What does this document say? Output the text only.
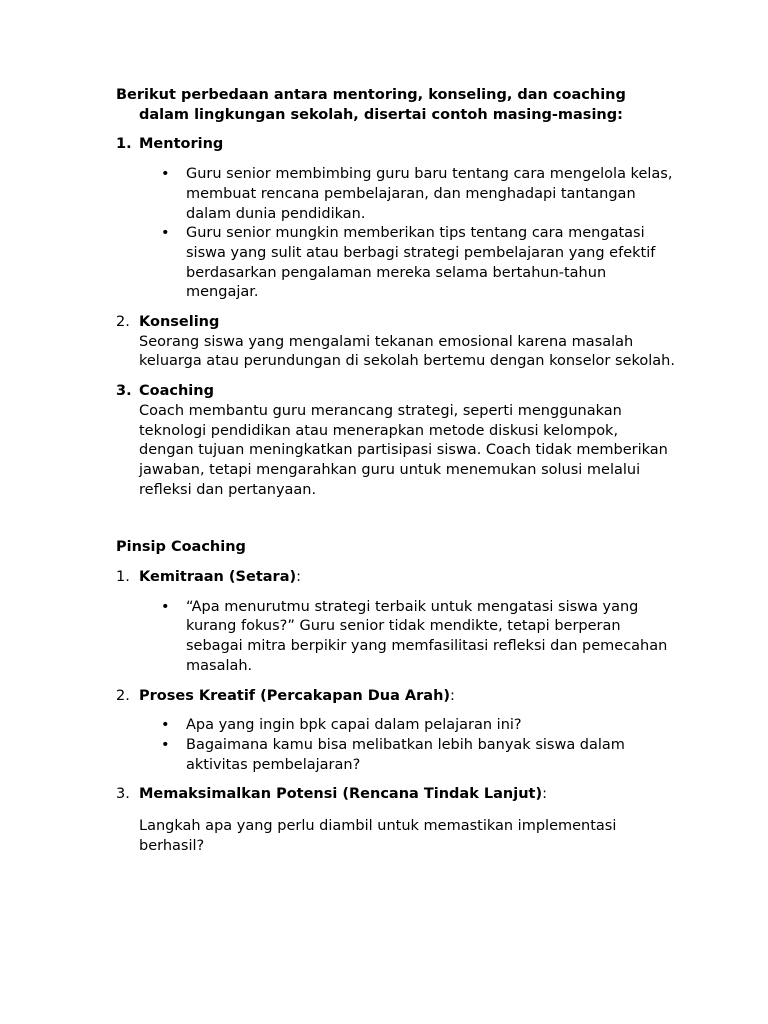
Berikut perbedaan antara mentoring, konseling, dan coaching dalam lingkungan sekolah, disertai contoh masing-masing:

1. Mentoring

• Guru senior membimbing guru baru tentang cara mengelola kelas, membuat rencana pembelajaran, dan menghadapi tantangan dalam dunia pendidikan.
• Guru senior mungkin memberikan tips tentang cara mengatasi siswa yang sulit atau berbagi strategi pembelajaran yang efektif berdasarkan pengalaman mereka selama bertahun-tahun mengajar.
2. Konseling

Seorang siswa yang mengalami tekanan emosional karena masalah keluarga atau perundungan di sekolah bertemu dengan konselor sekolah.

3. Coaching

Coach membantu guru merancang strategi, seperti menggunakan teknologi pendidikan atau menerapkan metode diskusi kelompok, dengan tujuan meningkatkan partisipasi siswa. Coach tidak memberikan jawaban, tetapi mengarahkan guru untuk menemukan solusi melalui refleksi dan pertanyaan.

Pinsip Coaching

1. Kemitraan (Setara):

• “Apa menurutmu strategi terbaik untuk mengatasi siswa yang kurang fokus?” Guru senior tidak mendikte, tetapi berperan sebagai mitra berpikir yang memfasilitasi refleksi dan pemecahan masalah.
2. Proses Kreatif (Percakapan Dua Arah):

• Apa yang ingin bpk capai dalam pelajaran ini?
• Bagaimana kamu bisa melibatkan lebih banyak siswa dalam aktivitas pembelajaran?
3. Memaksimalkan Potensi (Rencana Tindak Lanjut):

Langkah apa yang perlu diambil untuk memastikan implementasi berhasil?
